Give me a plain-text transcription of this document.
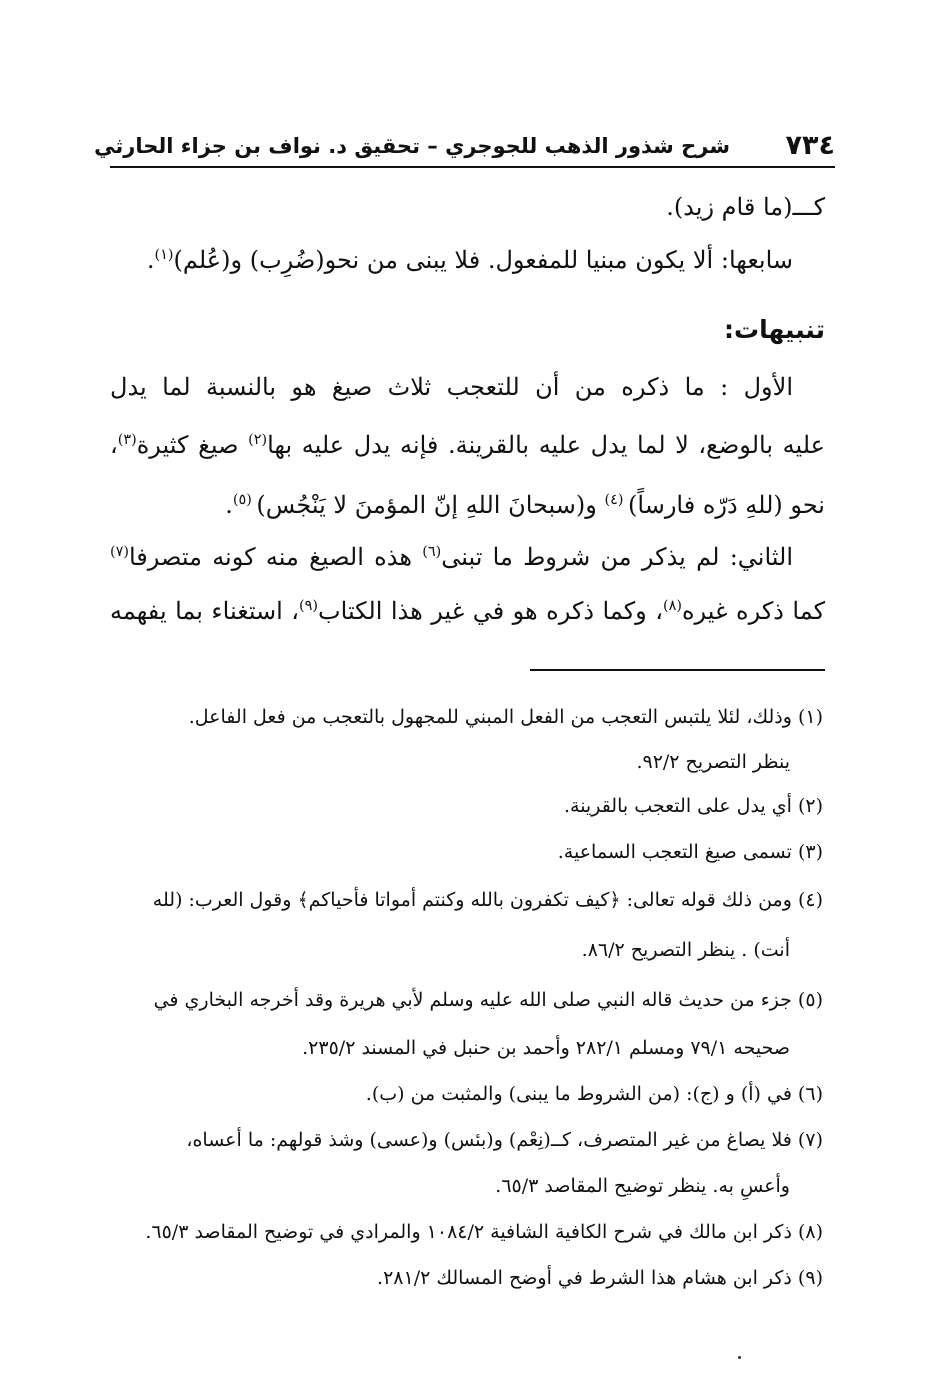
٧٣٤
شرح شذور الذهب للجوجري – تحقيق د. نواف بن جزاء الحارثي
كـــ(ما قام زيد).
سابعها: ألا يكون مبنيا للمفعول. فلا يبنى من نحو(ضُرِب) و(عُلم)$^{(١)}$.
تنبيهات:
الأول : ما ذكره من أن للتعجب ثلاث صيغ هو بالنسبة لما يدل
عليه بالوضع، لا لما يدل عليه بالقرينة. فإنه يدل عليه بها$^{(٢)}$ صيغ كثيرة$^{(٣)}$،
نحو (للهِ دَرّه فارساً) $^{(٤)}$ و(سبحانَ اللهِ إنّ المؤمنَ لا يَنْجُس) $^{(٥)}$.
الثاني: لم يذكر من شروط ما تبنى$^{(٦)}$ هذه الصيغ منه كونه متصرفا$^{(٧)}$
كما ذكره غيره$^{(٨)}$، وكما ذكره هو في غير هذا الكتاب$^{(٩)}$، استغناء بما يفهمه
(١) وذلك، لئلا يلتبس التعجب من الفعل المبني للمجهول بالتعجب من فعل الفاعل.
ينظر التصريح ٩٢/٢.
(٢) أي يدل على التعجب بالقرينة.
(٣) تسمى صيغ التعجب السماعية.
(٤) ومن ذلك قوله تعالى: ﴿كيف تكفرون بالله وكنتم أمواتا فأحياكم﴾ وقول العرب: (لله
أنت) . ينظر التصريح ٨٦/٢.
(٥) جزء من حديث قاله النبي صلى الله عليه وسلم لأبي هريرة وقد أخرجه البخاري في
صحيحه ٧٩/١ ومسلم ٢٨٢/١ وأحمد بن حنبل في المسند ٢٣٥/٢.
(٦) في (أ) و (ج): (من الشروط ما يبنى) والمثبت من (ب).
(٧) فلا يصاغ من غير المتصرف، كــ(نِعْم) و(بئس) و(عسى) وشذ قولهم: ما أعساه،
وأعسِ به. ينظر توضيح المقاصد ٦٥/٣.
(٨) ذكر ابن مالك في شرح الكافية الشافية ١٠٨٤/٢ والمرادي في توضيح المقاصد ٦٥/٣.
(٩) ذكر ابن هشام هذا الشرط في أوضح المسالك ٢٨١/٢.
